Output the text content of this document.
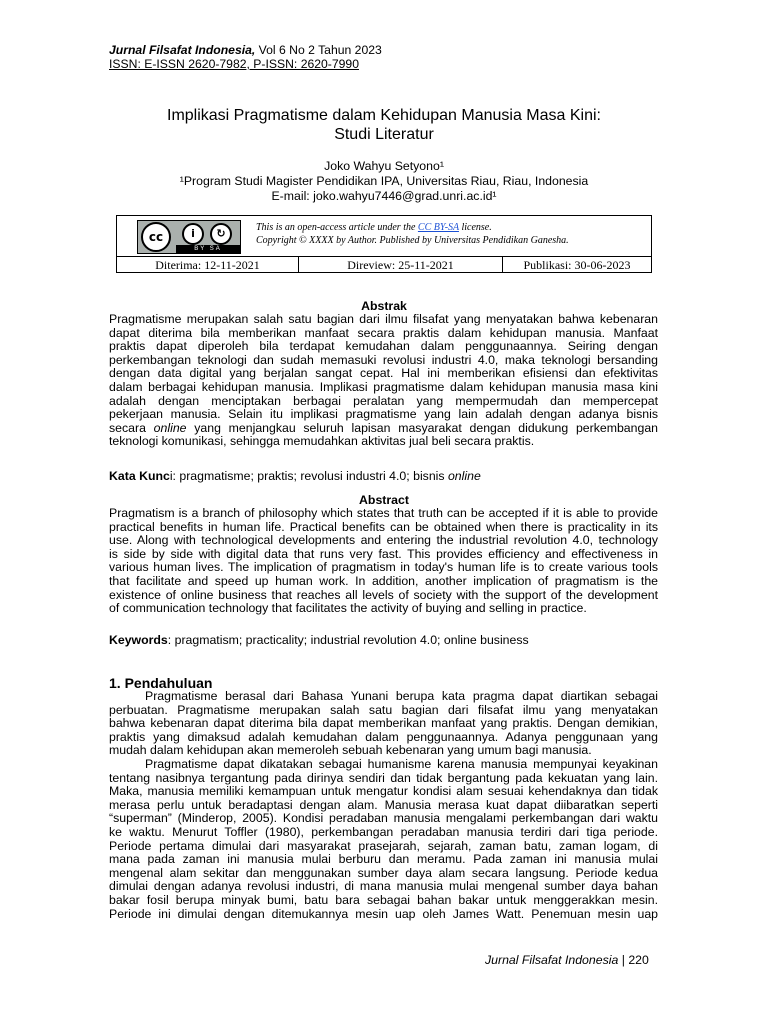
Jurnal Filsafat Indonesia, Vol 6 No 2 Tahun 2023
ISSN: E-ISSN 2620-7982, P-ISSN: 2620-7990
Implikasi Pragmatisme dalam Kehidupan Manusia Masa Kini:
Studi Literatur
Joko Wahyu Setyono¹
¹Program Studi Magister Pendidikan IPA, Universitas Riau, Riau, Indonesia
E-mail: joko.wahyu7446@grad.unri.ac.id¹
cc	i	↻
BY SA
This is an open-access article under the CC BY-SA license.
Copyright © XXXX by Author. Published by Universitas Pendidikan Ganesha.
Diterima: 12-11-2021	Direview: 25-11-2021	Publikasi: 30-06-2023
Abstrak
Pragmatisme merupakan salah satu bagian dari ilmu filsafat yang menyatakan bahwa kebenaran
dapat diterima bila memberikan manfaat secara praktis dalam kehidupan manusia. Manfaat
praktis dapat diperoleh bila terdapat kemudahan dalam penggunaannya. Seiring dengan
perkembangan teknologi dan sudah memasuki revolusi industri 4.0, maka teknologi bersanding
dengan data digital yang berjalan sangat cepat. Hal ini memberikan efisiensi dan efektivitas
dalam berbagai kehidupan manusia. Implikasi pragmatisme dalam kehidupan manusia masa kini
adalah dengan menciptakan berbagai peralatan yang mempermudah dan mempercepat
pekerjaan manusia. Selain itu implikasi pragmatisme yang lain adalah dengan adanya bisnis
secara online yang menjangkau seluruh lapisan masyarakat dengan didukung perkembangan
teknologi komunikasi, sehingga memudahkan aktivitas jual beli secara praktis.
Kata Kunci: pragmatisme; praktis; revolusi industri 4.0; bisnis online
Abstract
Pragmatism is a branch of philosophy which states that truth can be accepted if it is able to provide
practical benefits in human life. Practical benefits can be obtained when there is practicality in its
use. Along with technological developments and entering the industrial revolution 4.0, technology
is side by side with digital data that runs very fast. This provides efficiency and effectiveness in
various human lives. The implication of pragmatism in today's human life is to create various tools
that facilitate and speed up human work. In addition, another implication of pragmatism is the
existence of online business that reaches all levels of society with the support of the development
of communication technology that facilitates the activity of buying and selling in practice.
Keywords: pragmatism; practicality; industrial revolution 4.0; online business
1. Pendahuluan
Pragmatisme berasal dari Bahasa Yunani berupa kata pragma dapat diartikan sebagai
perbuatan. Pragmatisme merupakan salah satu bagian dari filsafat ilmu yang menyatakan
bahwa kebenaran dapat diterima bila dapat memberikan manfaat yang praktis. Dengan demikian,
praktis yang dimaksud adalah kemudahan dalam penggunaannya. Adanya penggunaan yang
mudah dalam kehidupan akan memeroleh sebuah kebenaran yang umum bagi manusia.
Pragmatisme dapat dikatakan sebagai humanisme karena manusia mempunyai keyakinan
tentang nasibnya tergantung pada dirinya sendiri dan tidak bergantung pada kekuatan yang lain.
Maka, manusia memiliki kemampuan untuk mengatur kondisi alam sesuai kehendaknya dan tidak
merasa perlu untuk beradaptasi dengan alam. Manusia merasa kuat dapat diibaratkan seperti
“superman” (Minderop, 2005). Kondisi peradaban manusia mengalami perkembangan dari waktu
ke waktu. Menurut Toffler (1980), perkembangan peradaban manusia terdiri dari tiga periode.
Periode pertama dimulai dari masyarakat prasejarah, sejarah, zaman batu, zaman logam, di
mana pada zaman ini manusia mulai berburu dan meramu. Pada zaman ini manusia mulai
mengenal alam sekitar dan menggunakan sumber daya alam secara langsung. Periode kedua
dimulai dengan adanya revolusi industri, di mana manusia mulai mengenal sumber daya bahan
bakar fosil berupa minyak bumi, batu bara sebagai bahan bakar untuk menggerakkan mesin.
Periode ini dimulai dengan ditemukannya mesin uap oleh James Watt. Penemuan mesin uap
Jurnal Filsafat Indonesia | 220
